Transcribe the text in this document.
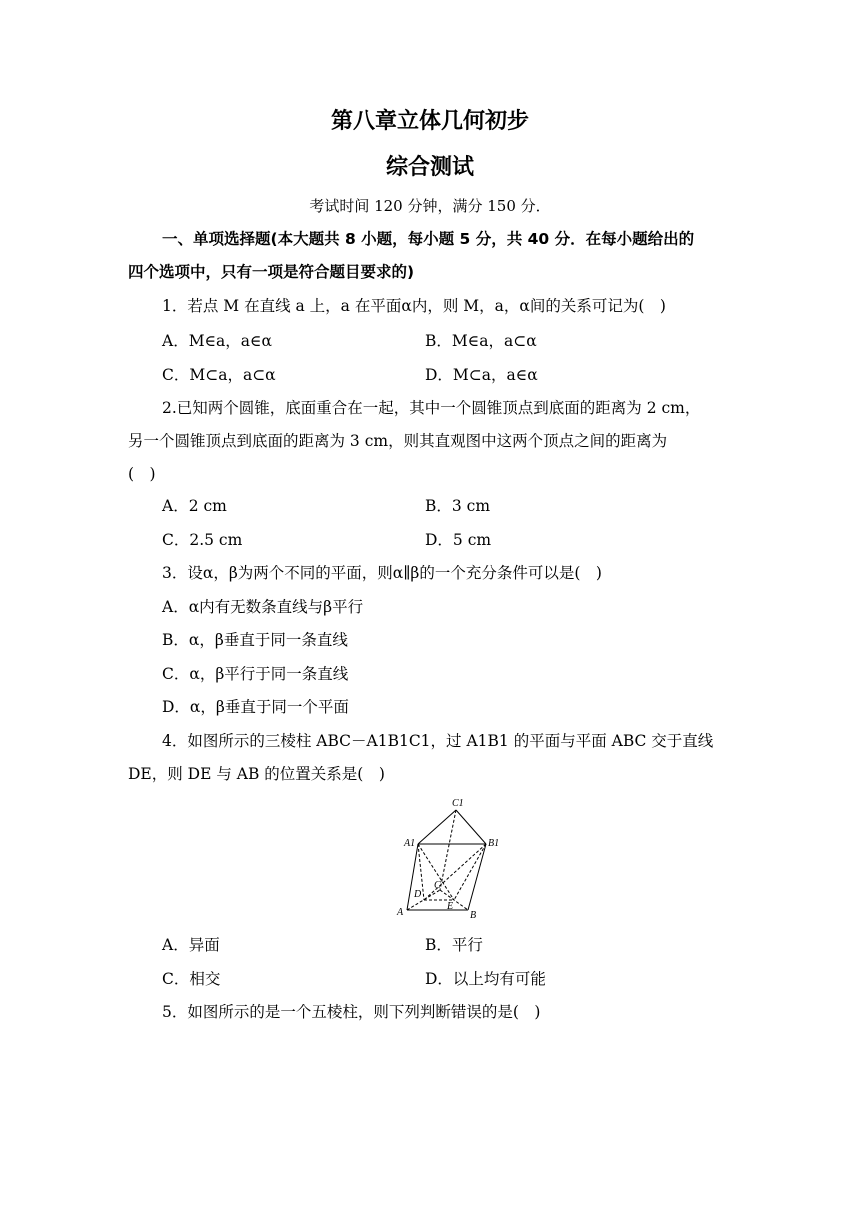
第八章立体几何初步
综合测试
考试时间 120 分钟，满分 150 分．
一、单项选择题(本大题共 8 小题，每小题 5 分，共 40 分．在每小题给出的
四个选项中，只有一项是符合题目要求的)
1．若点 M 在直线 a 上，a 在平面α内，则 M，a，α间的关系可记为(　)
A．M∈a，a∈α	B．M∈a，a⊂α
C．M⊂a，a⊂α	D．M⊂a，a∈α
2.已知两个圆锥，底面重合在一起，其中一个圆锥顶点到底面的距离为 2 cm，
另一个圆锥顶点到底面的距离为 3 cm，则其直观图中这两个顶点之间的距离为
(　)
A．2 cm	B．3 cm
C．2.5 cm	D．5 cm
3．设α，β为两个不同的平面，则α∥β的一个充分条件可以是(　)
A．α内有无数条直线与β平行
B．α，β垂直于同一条直线
C．α，β平行于同一条直线
D．α，β垂直于同一个平面
4．如图所示的三棱柱 ABC－A1B1C1，过 A1B1 的平面与平面 ABC 交于直线
DE，则 DE 与 AB 的位置关系是(　)
C1
A1	B1
C
D
E
A	B
A．异面	B．平行
C．相交	D．以上均有可能
5．如图所示的是一个五棱柱，则下列判断错误的是(　)
